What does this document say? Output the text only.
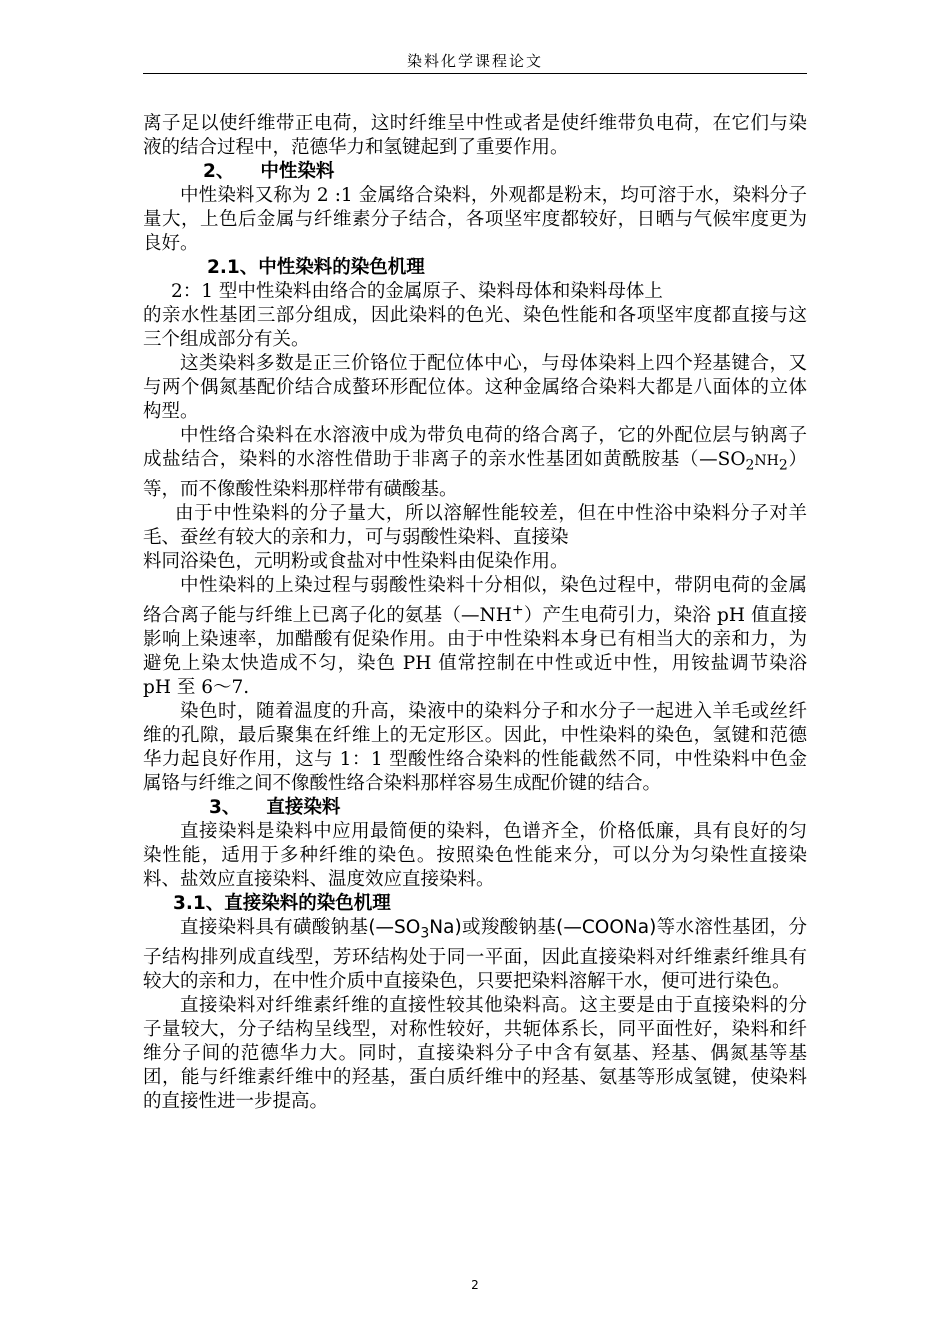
染料化学课程论文

离子足以使纤维带正电荷，这时纤维呈中性或者是使纤维带负电荷，在它们与染液的结合过程中，范德华力和氢键起到了重要作用。

2、 中性染料

中性染料又称为 2 :1 金属络合染料，外观都是粉末，均可溶于水，染料分子量大，上色后金属与纤维素分子结合，各项坚牢度都较好，日晒与气候牢度更为良好。

2.1、中性染料的染色机理

2：1 型中性染料由络合的金属原子、染料母体和染料母体上

的亲水性基团三部分组成，因此染料的色光、染色性能和各项坚牢度都直接与这三个组成部分有关。

这类染料多数是正三价铬位于配位体中心，与母体染料上四个羟基键合，又与两个偶氮基配价结合成螯环形配位体。这种金属络合染料大都是八面体的立体构型。

中性络合染料在水溶液中成为带负电荷的络合离子，它的外配位层与钠离子成盐结合，染料的水溶性借助于非离子的亲水性基团如黄酰胺基$(—SO_2NH_2)$等，而不像酸性染料那样带有磺酸基。

由于中性染料的分子量大，所以溶解性能较差，但在中性浴中染料分子对羊毛、蚕丝有较大的亲和力，可与弱酸性染料、直接染

料同浴染色，元明粉或食盐对中性染料由促染作用。

中性染料的上染过程与弱酸性染料十分相似，染色过程中，带阴电荷的金属络合离子能与纤维上已离子化的氨基（—NH+）产生电荷引力，染浴 pH 值直接影响上染速率，加醋酸有促染作用。由于中性染料本身已有相当大的亲和力，为避免上染太快造成不匀，染色 PH 值常控制在中性或近中性，用铵盐调节染浴 pH 至 6～7.

染色时，随着温度的升高，染液中的染料分子和水分子一起进入羊毛或丝纤维的孔隙，最后聚集在纤维上的无定形区。因此，中性染料的染色，氢键和范德华力起良好作用，这与 1：1 型酸性络合染料的性能截然不同，中性染料中色金属铬与纤维之间不像酸性络合染料那样容易生成配价键的结合。

3、 直接染料

直接染料是染料中应用最简便的染料，色谱齐全，价格低廉，具有良好的匀染性能，适用于多种纤维的染色。按照染色性能来分，可以分为匀染性直接染料、盐效应直接染料、温度效应直接染料。

3.1、直接染料的染色机理

直接染料具有磺酸钠基$(—SO_3Na)$或羧酸钠基(—COONa)等水溶性基团，分子结构排列成直线型，芳环结构处于同一平面，因此直接染料对纤维素纤维具有较大的亲和力，在中性介质中直接染色，只要把染料溶解干水，便可进行染色。

直接染料对纤维素纤维的直接性较其他染料高。这主要是由于直接染料的分子量较大，分子结构呈线型，对称性较好，共轭体系长，同平面性好，染料和纤维分子间的范德华力大。同时，直接染料分子中含有氨基、羟基、偶氮基等基团，能与纤维素纤维中的羟基，蛋白质纤维中的羟基、氨基等形成氢键，使染料的直接性进一步提高。

2
